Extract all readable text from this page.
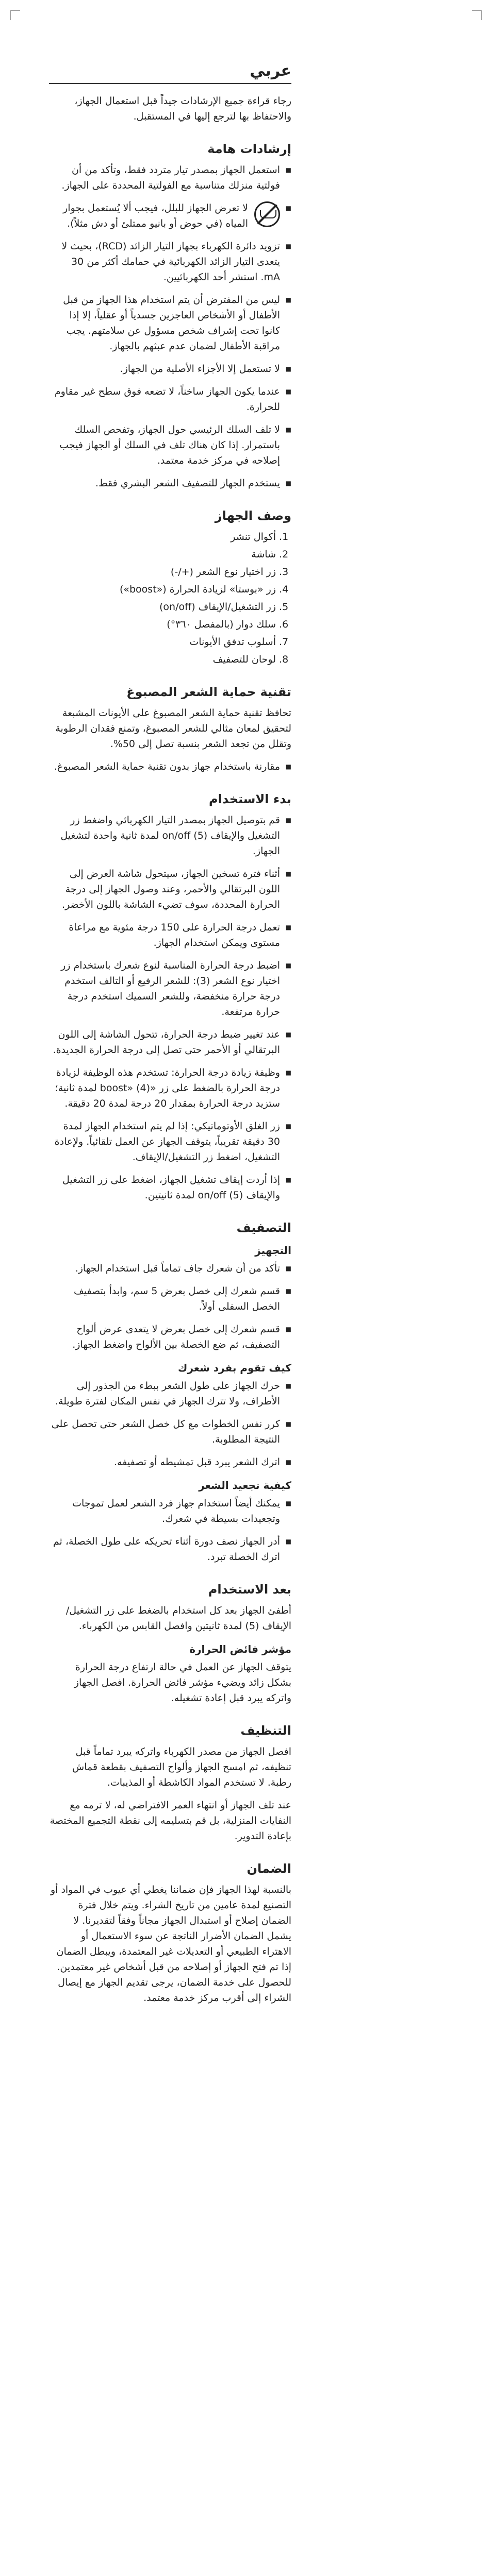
عربي

رجاء قراءة جميع الإرشادات جيداً قبل استعمال الجهاز، والاحتفاظ بها لترجع إليها في المستقبل.

إرشادات هامة
■ استعمل الجهاز بمصدر تيار متردد فقط، وتأكد من أن فولتية منزلك متناسبة مع الفولتية المحددة على الجهاز.
■ لا تعرض الجهاز للبلل، فيجب ألا يُستعمل بجوار المياه (في حوض أو بانيو ممتلئ أو دش مثلاً).
■ تزويد دائرة الكهرباء بجهاز التيار الزائد (RCD)، بحيث لا يتعدى التيار الزائد الكهربائية في حمامك أكثر من 30 mA. استشر أحد الكهربائيين.
■ ليس من المفترض أن يتم استخدام هذا الجهاز من قبل الأطفال أو الأشخاص العاجزين جسدياً أو عقلياً، إلا إذا كانوا تحت إشراف شخص مسؤول عن سلامتهم. يجب مراقبة الأطفال لضمان عدم عبثهم بالجهاز.
■ لا تستعمل إلا الأجزاء الأصلية من الجهاز.
■ عندما يكون الجهاز ساخناً، لا تضعه فوق سطح غير مقاوم للحرارة.
■ لا تلف السلك الرئيسي حول الجهاز، وتفحص السلك باستمرار. إذا كان هناك تلف في السلك أو الجهاز فيجب إصلاحه في مركز خدمة معتمد.
■ يستخدم الجهاز للتصفيف الشعر البشري فقط.
وصف الجهاز
1. أكوال تنشر
2. شاشة
3. زر اختيار نوع الشعر (+/-)
4. زر «بوستا» لزيادة الحرارة («boost»)
5. زر التشغيل/الإيقاف (on/off)
6. سلك دوار (بالمفصل ٣٦٠°)
7. أسلوب تدفق الأيونات
8. لوحان للتصفيف
تقنية حماية الشعر المصبوغ

تحافظ تقنية حماية الشعر المصبوغ على الأيونات المشبعة لتحقيق لمعان مثالي للشعر المصبوغ، وتمنع فقدان الرطوبة وتقلل من تجعد الشعر بنسبة تصل إلى 50%.

■ مقارنة باستخدام جهاز بدون تقنية حماية الشعر المصبوغ.
بدء الاستخدام
■ قم بتوصيل الجهاز بمصدر التيار الكهربائي واضغط زر التشغيل والإيقاف on/off (5) لمدة ثانية واحدة لتشغيل الجهاز.
■ أثناء فترة تسخين الجهاز، سيتحول شاشة العرض إلى اللون البرتقالي والأحمر، وعند وصول الجهاز إلى درجة الحرارة المحددة، سوف تضيء الشاشة باللون الأخضر.
■ تعمل درجة الحرارة على 150 درجة مئوية مع مراعاة مستوى ويمكن استخدام الجهاز.
■ اضبط درجة الحرارة المناسبة لنوع شعرك باستخدام زر اختيار نوع الشعر (3): للشعر الرفيع أو التالف استخدم درجة حرارة منخفضة، وللشعر السميك استخدم درجة حرارة مرتفعة.
■ عند تغيير ضبط درجة الحرارة، تتحول الشاشة إلى اللون البرتقالي أو الأحمر حتى تصل إلى درجة الحرارة الجديدة.
■ وظيفة زيادة درجة الحرارة: تستخدم هذه الوظيفة لزيادة درجة الحرارة بالضغط على زر «boost» (4) لمدة ثانية؛ ستزيد درجة الحرارة بمقدار 20 درجة لمدة 20 دقيقة.
■ زر الغلق الأوتوماتيكي: إذا لم يتم استخدام الجهاز لمدة 30 دقيقة تقريباً، يتوقف الجهاز عن العمل تلقائياً. ولإعادة التشغيل، اضغط زر التشغيل/الإيقاف.
■ إذا أردت إيقاف تشغيل الجهاز، اضغط على زر التشغيل والإيقاف on/off (5) لمدة ثانيتين.
التصفيف
التجهيز
■ تأكد من أن شعرك جاف تماماً قبل استخدام الجهاز.
■ قسم شعرك إلى خصل بعرض 5 سم، وابدأ بتصفيف الخصل السفلى أولاً.
■ قسم شعرك إلى خصل بعرض لا يتعدى عرض ألواح التصفيف، ثم ضع الخصلة بين الألواح واضغط الجهاز.
كيف تقوم بفرد شعرك
■ حرك الجهاز على طول الشعر ببطء من الجذور إلى الأطراف، ولا تترك الجهاز في نفس المكان لفترة طويلة.
■ كرر نفس الخطوات مع كل خصل الشعر حتى تحصل على النتيجة المطلوبة.
■ اترك الشعر يبرد قبل تمشيطه أو تصفيفه.
كيفية تجعيد الشعر
■ يمكنك أيضاً استخدام جهاز فرد الشعر لعمل تموجات وتجعيدات بسيطة في شعرك.
■ أدر الجهاز نصف دورة أثناء تحريكه على طول الخصلة، ثم اترك الخصلة تبرد.
بعد الاستخدام

أطفئ الجهاز بعد كل استخدام بالضغط على زر التشغيل/الإيقاف (5) لمدة ثانيتين وافصل القابس من الكهرباء.

مؤشر فائض الحرارة

يتوقف الجهاز عن العمل في حالة ارتفاع درجة الحرارة بشكل زائد ويضيء مؤشر فائض الحرارة. افصل الجهاز واتركه يبرد قبل إعادة تشغيله.

التنظيف

افصل الجهاز من مصدر الكهرباء واتركه يبرد تماماً قبل تنظيفه، ثم امسح الجهاز وألواح التصفيف بقطعة قماش رطبة. لا تستخدم المواد الكاشطة أو المذيبات.

عند تلف الجهاز أو انتهاء العمر الافتراضي له، لا ترمه مع النفايات المنزلية، بل قم بتسليمه إلى نقطة التجميع المختصة بإعادة التدوير.

الضمان

بالنسبة لهذا الجهاز فإن ضماننا يغطي أي عيوب في المواد أو التصنيع لمدة عامين من تاريخ الشراء. ويتم خلال فترة الضمان إصلاح أو استبدال الجهاز مجاناً وفقاً لتقديرنا. لا يشمل الضمان الأضرار الناتجة عن سوء الاستعمال أو الاهتراء الطبيعي أو التعديلات غير المعتمدة، ويبطل الضمان إذا تم فتح الجهاز أو إصلاحه من قبل أشخاص غير معتمدين. للحصول على خدمة الضمان، يرجى تقديم الجهاز مع إيصال الشراء إلى أقرب مركز خدمة معتمد.
